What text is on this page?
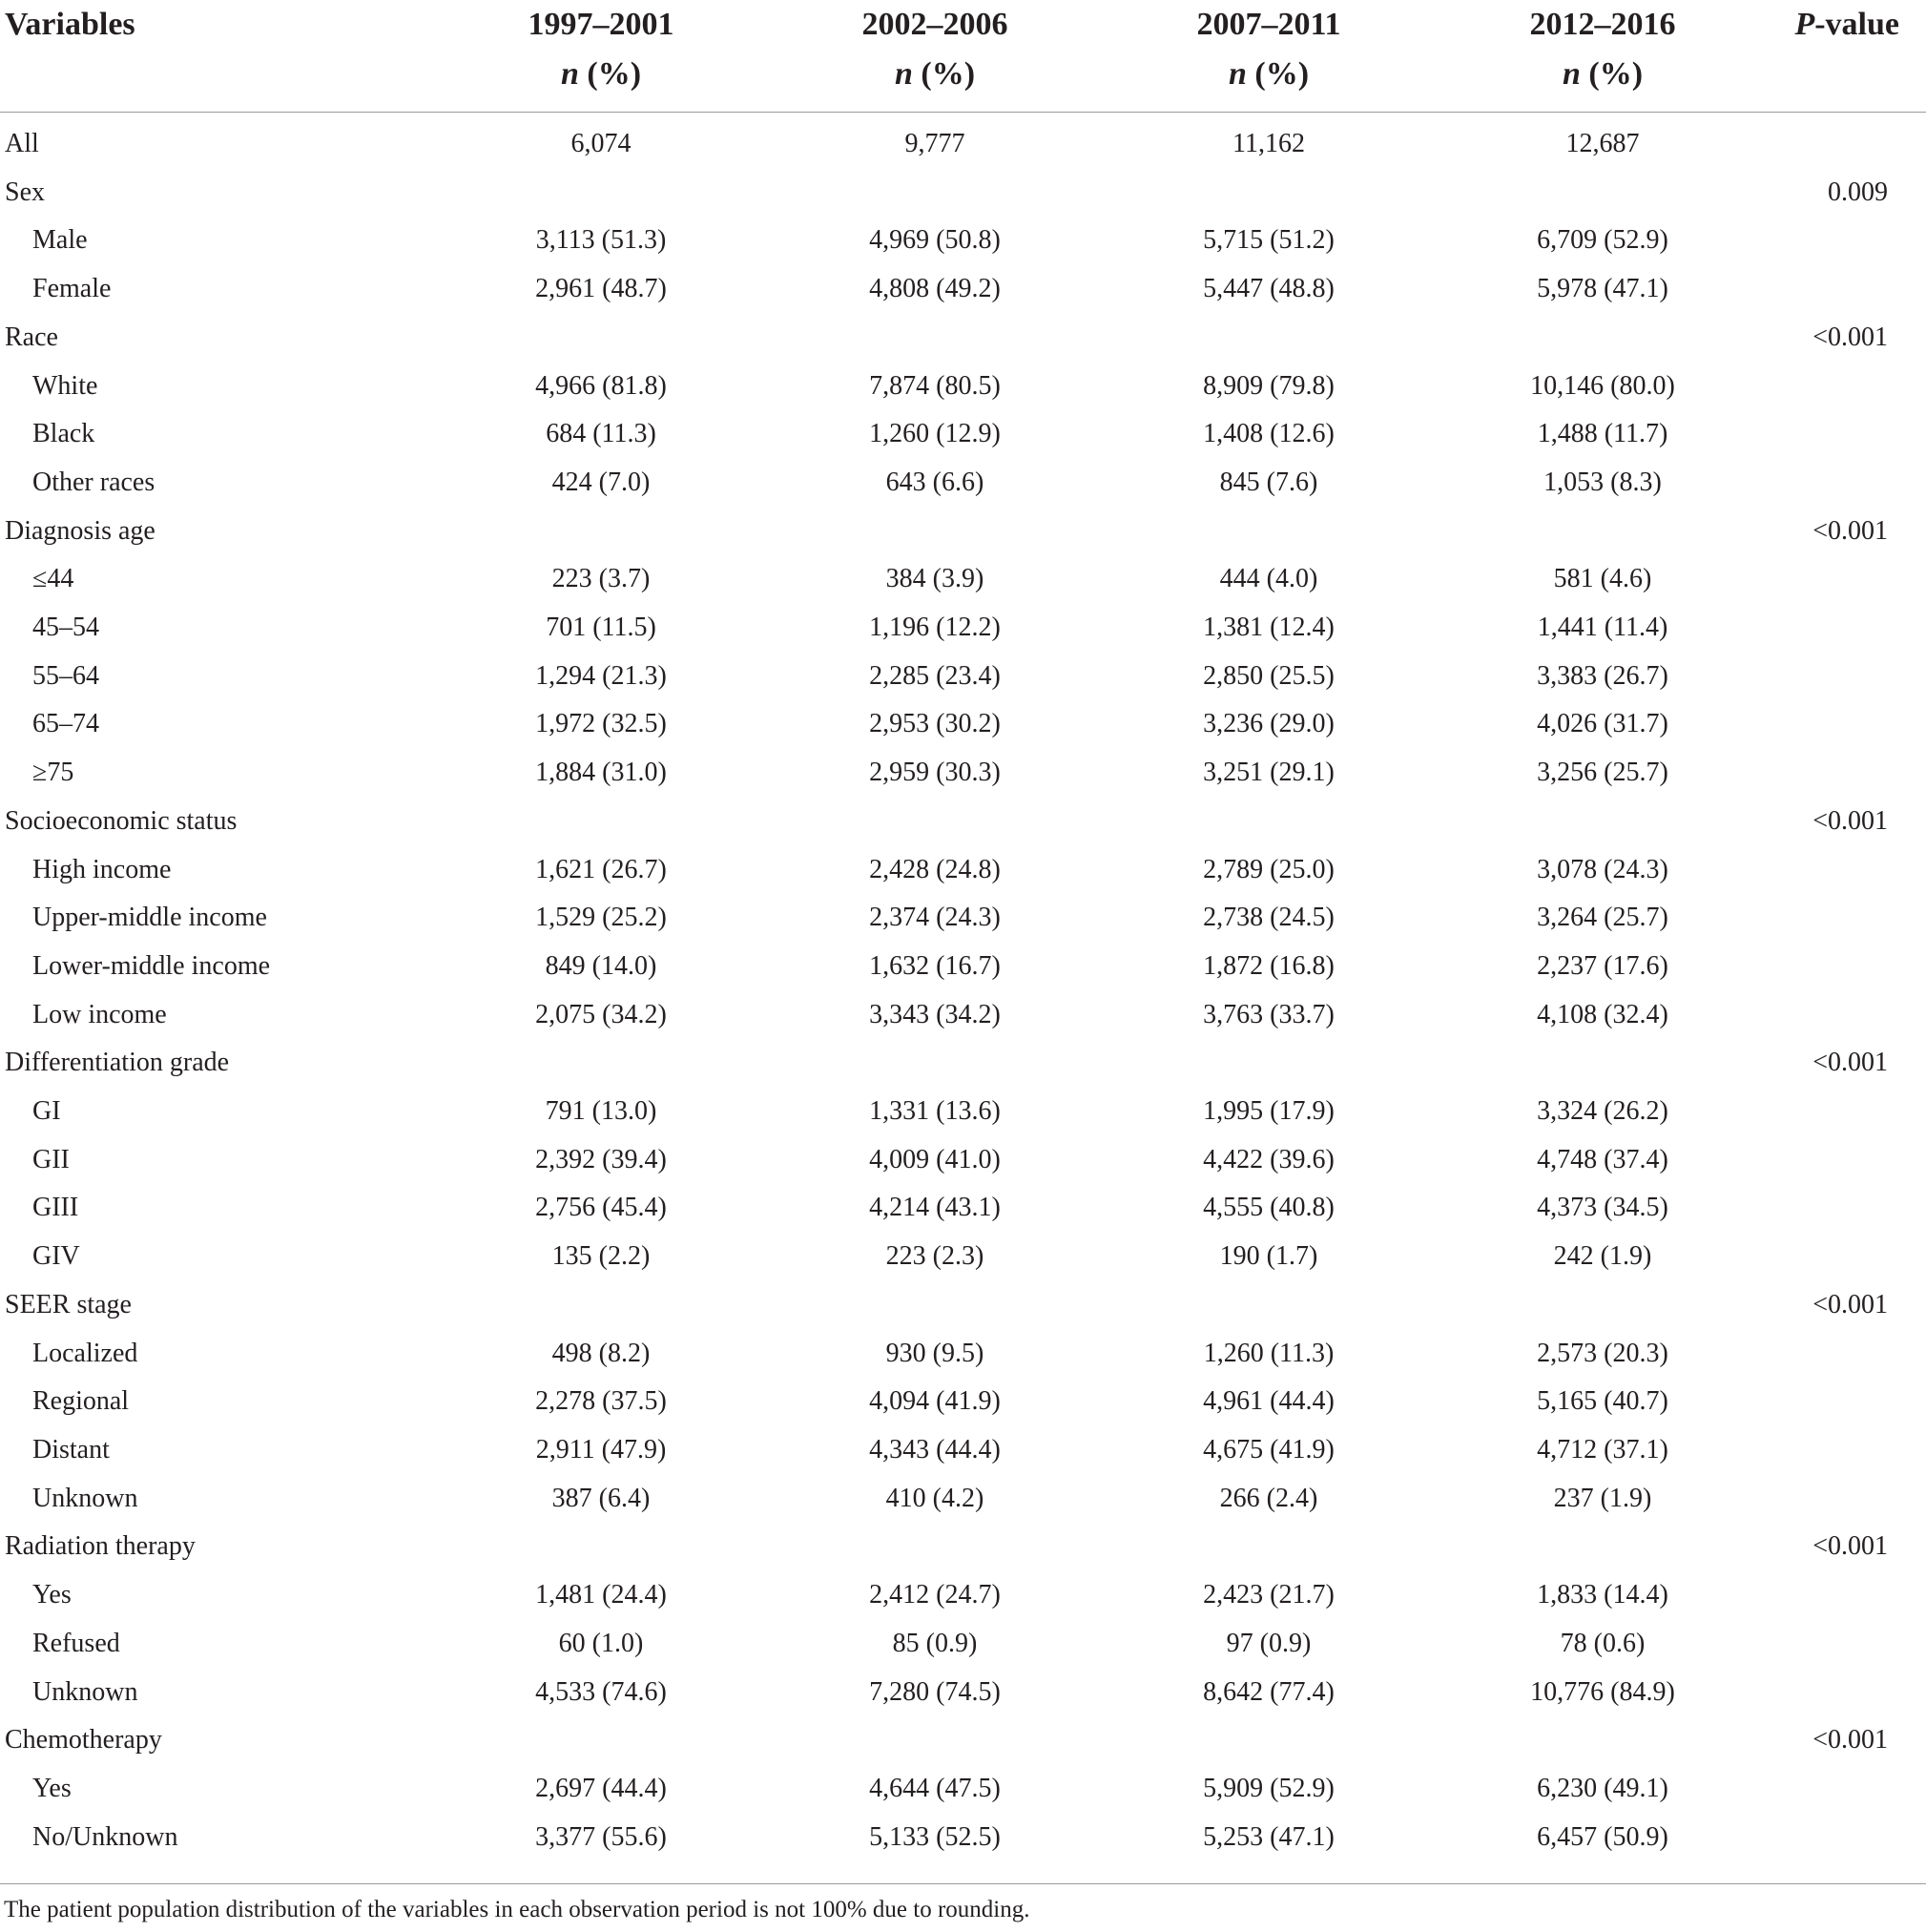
Variables	1997–2001	2002–2006	2007–2011	2012–2016	P-value
	n (%)	n (%)	n (%)	n (%)	
All	6,074	9,777	11,162	12,687	
Sex					0.009
Male	3,113 (51.3)	4,969 (50.8)	5,715 (51.2)	6,709 (52.9)	
Female	2,961 (48.7)	4,808 (49.2)	5,447 (48.8)	5,978 (47.1)	
Race					<0.001
White	4,966 (81.8)	7,874 (80.5)	8,909 (79.8)	10,146 (80.0)	
Black	684 (11.3)	1,260 (12.9)	1,408 (12.6)	1,488 (11.7)	
Other races	424 (7.0)	643 (6.6)	845 (7.6)	1,053 (8.3)	
Diagnosis age					<0.001
≤44	223 (3.7)	384 (3.9)	444 (4.0)	581 (4.6)	
45–54	701 (11.5)	1,196 (12.2)	1,381 (12.4)	1,441 (11.4)	
55–64	1,294 (21.3)	2,285 (23.4)	2,850 (25.5)	3,383 (26.7)	
65–74	1,972 (32.5)	2,953 (30.2)	3,236 (29.0)	4,026 (31.7)	
≥75	1,884 (31.0)	2,959 (30.3)	3,251 (29.1)	3,256 (25.7)	
Socioeconomic status					<0.001
High income	1,621 (26.7)	2,428 (24.8)	2,789 (25.0)	3,078 (24.3)	
Upper-middle income	1,529 (25.2)	2,374 (24.3)	2,738 (24.5)	3,264 (25.7)	
Lower-middle income	849 (14.0)	1,632 (16.7)	1,872 (16.8)	2,237 (17.6)	
Low income	2,075 (34.2)	3,343 (34.2)	3,763 (33.7)	4,108 (32.4)	
Differentiation grade					<0.001
GI	791 (13.0)	1,331 (13.6)	1,995 (17.9)	3,324 (26.2)	
GII	2,392 (39.4)	4,009 (41.0)	4,422 (39.6)	4,748 (37.4)	
GIII	2,756 (45.4)	4,214 (43.1)	4,555 (40.8)	4,373 (34.5)	
GIV	135 (2.2)	223 (2.3)	190 (1.7)	242 (1.9)	
SEER stage					<0.001
Localized	498 (8.2)	930 (9.5)	1,260 (11.3)	2,573 (20.3)	
Regional	2,278 (37.5)	4,094 (41.9)	4,961 (44.4)	5,165 (40.7)	
Distant	2,911 (47.9)	4,343 (44.4)	4,675 (41.9)	4,712 (37.1)	
Unknown	387 (6.4)	410 (4.2)	266 (2.4)	237 (1.9)	
Radiation therapy					<0.001
Yes	1,481 (24.4)	2,412 (24.7)	2,423 (21.7)	1,833 (14.4)	
Refused	60 (1.0)	85 (0.9)	97 (0.9)	78 (0.6)	
Unknown	4,533 (74.6)	7,280 (74.5)	8,642 (77.4)	10,776 (84.9)	
Chemotherapy					<0.001
Yes	2,697 (44.4)	4,644 (47.5)	5,909 (52.9)	6,230 (49.1)	
No/Unknown	3,377 (55.6)	5,133 (52.5)	5,253 (47.1)	6,457 (50.9)	
The patient population distribution of the variables in each observation period is not 100% due to rounding.
